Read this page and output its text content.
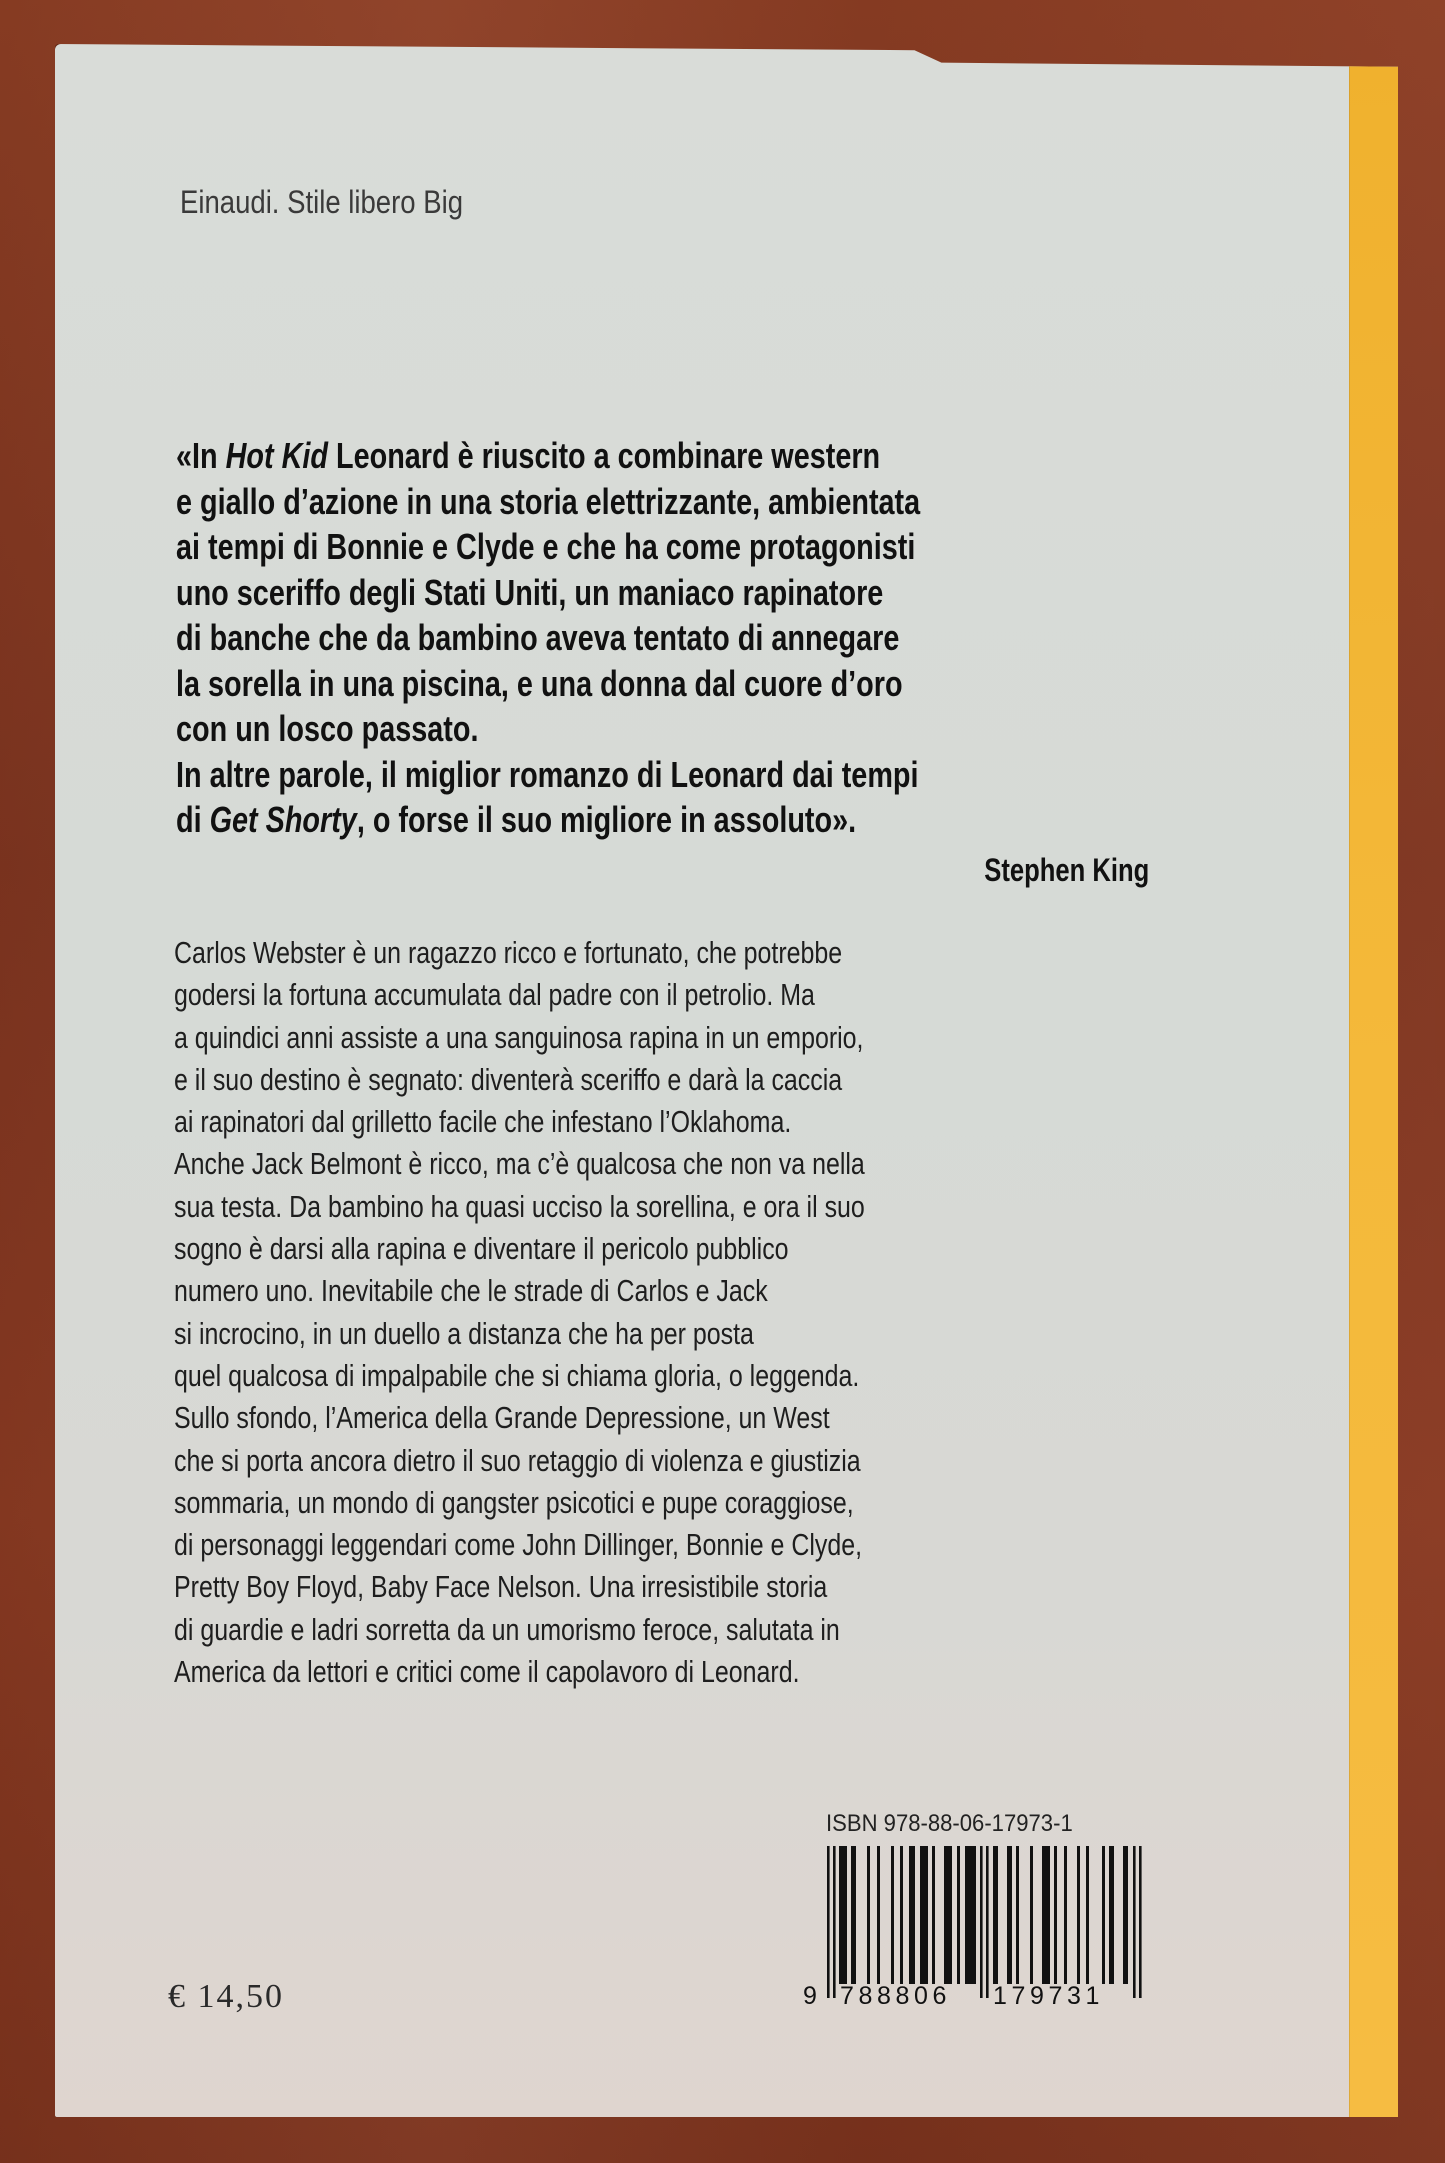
Einaudi. Stile libero Big
«In Hot Kid Leonard è riuscito a combinare western
e giallo d’azione in una storia elettrizzante, ambientata
ai tempi di Bonnie e Clyde e che ha come protagonisti
uno sceriffo degli Stati Uniti, un maniaco rapinatore
di banche che da bambino aveva tentato di annegare
la sorella in una piscina, e una donna dal cuore d’oro
con un losco passato.
In altre parole, il miglior romanzo di Leonard dai tempi
di Get Shorty, o forse il suo migliore in assoluto».
Stephen King
Carlos Webster è un ragazzo ricco e fortunato, che potrebbe
godersi la fortuna accumulata dal padre con il petrolio. Ma
a quindici anni assiste a una sanguinosa rapina in un emporio,
e il suo destino è segnato: diventerà sceriffo e darà la caccia
ai rapinatori dal grilletto facile che infestano l’Oklahoma.
Anche Jack Belmont è ricco, ma c’è qualcosa che non va nella
sua testa. Da bambino ha quasi ucciso la sorellina, e ora il suo
sogno è darsi alla rapina e diventare il pericolo pubblico
numero uno. Inevitabile che le strade di Carlos e Jack
si incrocino, in un duello a distanza che ha per posta
quel qualcosa di impalpabile che si chiama gloria, o leggenda.
Sullo sfondo, l’America della Grande Depressione, un West
che si porta ancora dietro il suo retaggio di violenza e giustizia
sommaria, un mondo di gangster psicotici e pupe coraggiose,
di personaggi leggendari come John Dillinger, Bonnie e Clyde,
Pretty Boy Floyd, Baby Face Nelson. Una irresistibile storia
di guardie e ladri sorretta da un umorismo feroce, salutata in
America da lettori e critici come il capolavoro di Leonard.
ISBN 978-88-06-17973-1
9 788806 179731
€ 14,50
